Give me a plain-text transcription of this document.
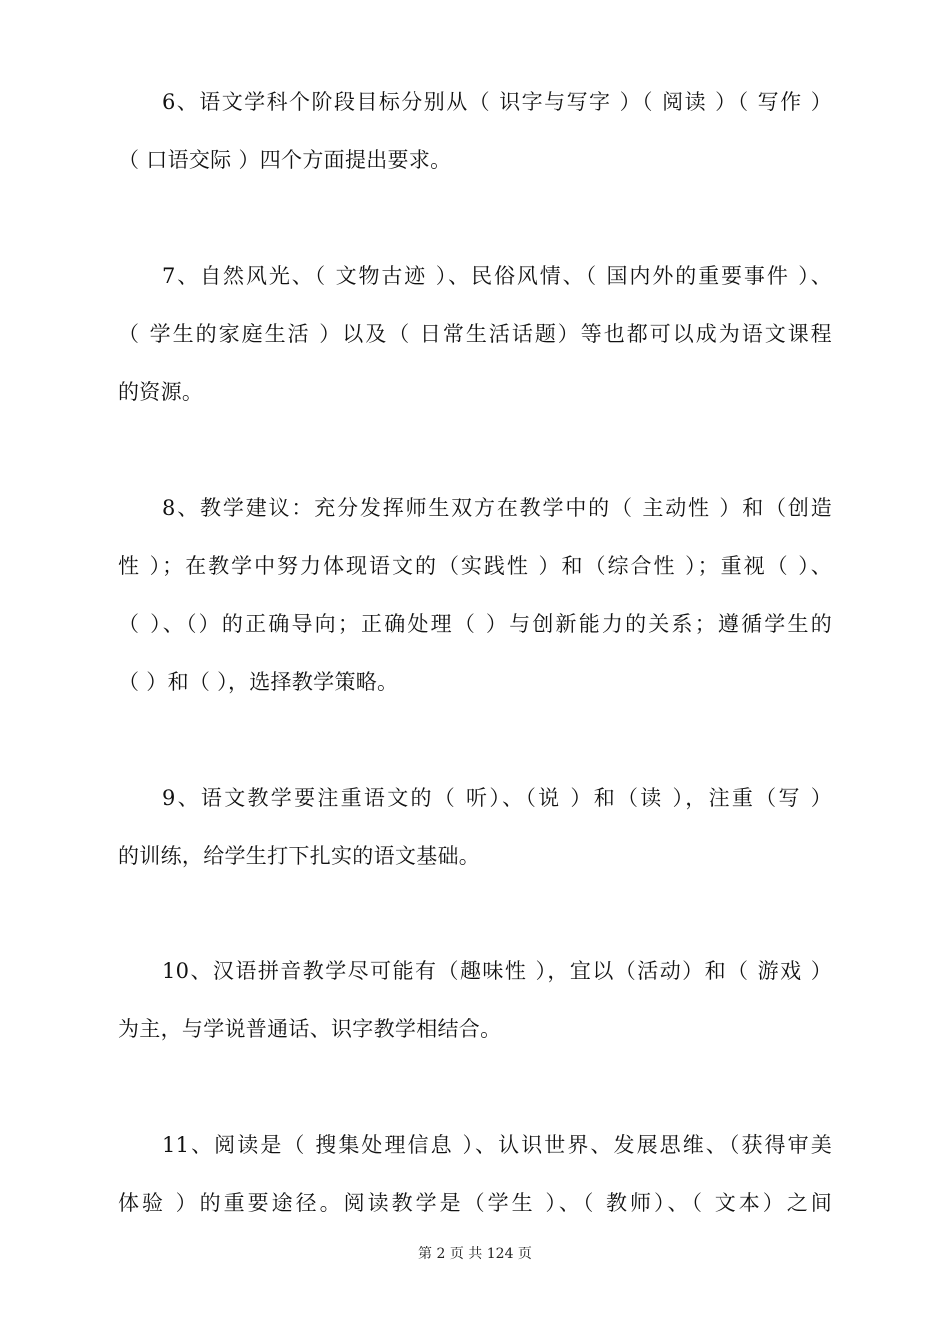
6、语文学科个阶段目标分别从（ 识字与写字 ）（ 阅读 ）（ 写作 ）
（ 口语交际 ）四个方面提出要求。
7、自然风光、（ 文物古迹 ）、民俗风情、（ 国内外的重要事件 ）、
（ 学生的家庭生活 ）以及（ 日常生活话题）等也都可以成为语文课程
的资源。
8、教学建议：充分发挥师生双方在教学中的（ 主动性 ）和（创造
性 ）；在教学中努力体现语文的（实践性 ）和（综合性 ）；重视（ ）、
（ ）、（）的正确导向；正确处理（ ）与创新能力的关系；遵循学生的
（ ）和（ ），选择教学策略。
9、语文教学要注重语文的（ 听）、（说 ）和（读 ），注重（写 ）
的训练，给学生打下扎实的语文基础。
10、汉语拼音教学尽可能有（趣味性 ），宜以（活动）和（ 游戏 ）
为主，与学说普通话、识字教学相结合。
11、阅读是（ 搜集处理信息 ）、认识世界、发展思维、（获得审美
体验 ）的重要途径。阅读教学是（学生 ）、（ 教师）、（ 文本）之间
第 2 页 共 124 页
